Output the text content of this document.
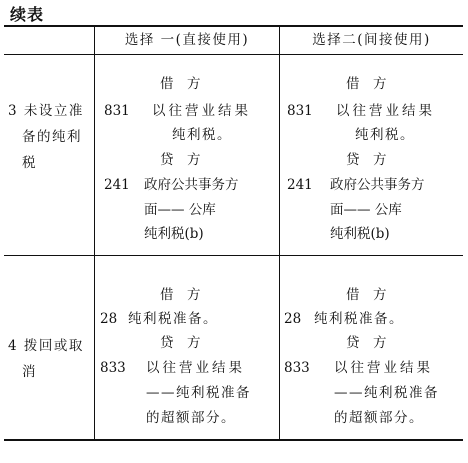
续表
选择 一(直接使用)	选择二(间接使用)
3 未设立准
备的纯利
税
借　方
831 以往营业结果
纯利税。
贷　方
241 政府公共事务方
面—— 公库
纯利税(b)
借　方
831 以往营业结果
纯利税。
贷　方
241 政府公共事务方
面—— 公库
纯利税(b)
4 拨回或取
消
借　方
28 纯利税准备。
贷　方
833 以往营业结果
——纯利税准备
的超额部分。
借　方
28 纯利税准备。
贷　方
833 以往营业结果
——纯利税准备
的超额部分。
